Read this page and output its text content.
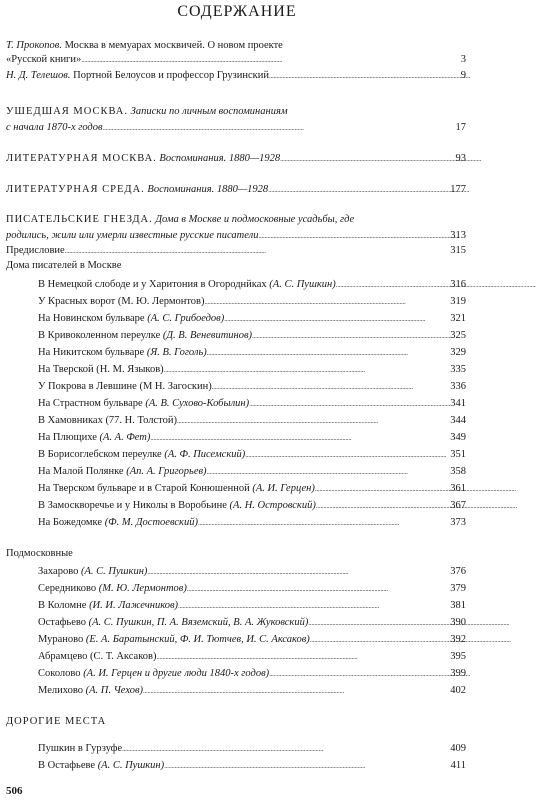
СОДЕРЖАНИЕ
Т. Прокопов. Москва в мемуарах москвичей. О новом проекте
«Русской книги» . . .	3
Н. Д. Телешов. Портной Белоусов и профессор Грузинский . . .	9
УШЕДШАЯ МОСКВА. Записки по личным воспоминаниям
с начала 1870-х годов . . .	17
ЛИТЕРАТУРНАЯ МОСКВА. Воспоминания. 1880—1928 . . .	93
ЛИТЕРАТУРНАЯ СРЕДА. Воспоминания. 1880—1928 . . .	177
ПИСАТЕЛЬСКИЕ ГНЕЗДА. Дома в Москве и подмосковные усадьбы, где
родились, жили или умерли известные русские писатели . . .	313
Предисловие . . .	315
Дома писателей в Москве
В Немецкой слободе и у Харитония в Огороднйках (А. С. Пушкин) . . .	316
У Красных ворот (М. Ю. Лермонтов) . . .	319
На Новинском бульваре (А. С. Грибоедов) . . .	321
В Кривоколенном переулке (Д. В. Веневитинов) . . .	325
На Никитском бульваре (Я. В. Гоголь) . . .	329
На Тверской (Н. М. Языков) . . .	335
У Покрова в Левшине (М Н. Загоскин) . . .	336
На Страстном бульваре (А. В. Сухово-Кобылин) . . .	341
В Хамовниках (77. Н. Толстой) . . .	344
На Плющихе (А. А. Фет) . . .	349
В Борисоглебском переулке (А. Ф. Писемский) . . .	351
На Малой Полянке (Ап. А. Григорьев) . . .	358
На Тверском бульваре и в Старой Конюшенной (А. И. Герцен) . . .	361
В Замоскворечье и у Николы в Воробьине (А. Н. Островский) . . .	367
На Божедомке (Ф. М. Достоевский) . . .	373
Подмосковные
Захарово (А. С. Пушкин) . . .	376
Середниково (М. Ю. Лермонтов) . . .	379
В Коломне (И. И. Лажечников) . . .	381
Остафьево (А. С. Пушкин, П. А. Вяземский, В. А. Жуковский) . . .	390
Мураново (Е. А. Баратынский, Ф. И. Тютчев, И. С. Аксаков) . . .	392
Абрамцево (С. Т. Аксаков) . . .	395
Соколово (А. И. Герцен и другие люди 1840-х годов) . . .	399
Мелихово (А. П. Чехов) . . .	402
ДОРОГИЕ МЕСТА
Пушкин в Гурзуфе . . .	409
В Остафьеве (А. С. Пушкин) . . .	411
506
